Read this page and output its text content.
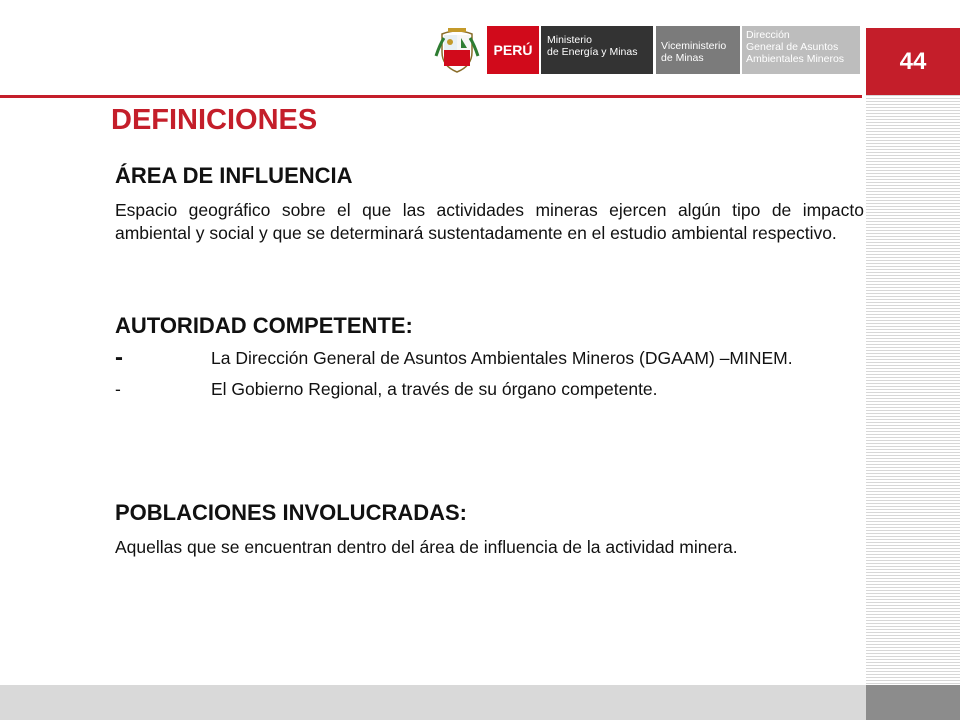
PERÚ
Ministerio
de Energía y Minas	Viceministerio
de Minas
Dirección
General de Asuntos
Ambientales Mineros	44
DEFINICIONES

ÁREA DE INFLUENCIA

Espacio geográfico sobre el que las actividades mineras ejercen algún tipo de impacto ambiental y social y que se determinará sustentadamente en el estudio ambiental respectivo.

AUTORIDAD COMPETENTE:

-	La Dirección General de Asuntos Ambientales Mineros (DGAAM) –MINEM.
-	El Gobierno Regional, a través de su órgano competente.

POBLACIONES INVOLUCRADAS:

Aquellas que se encuentran dentro del área de influencia de la actividad minera.
